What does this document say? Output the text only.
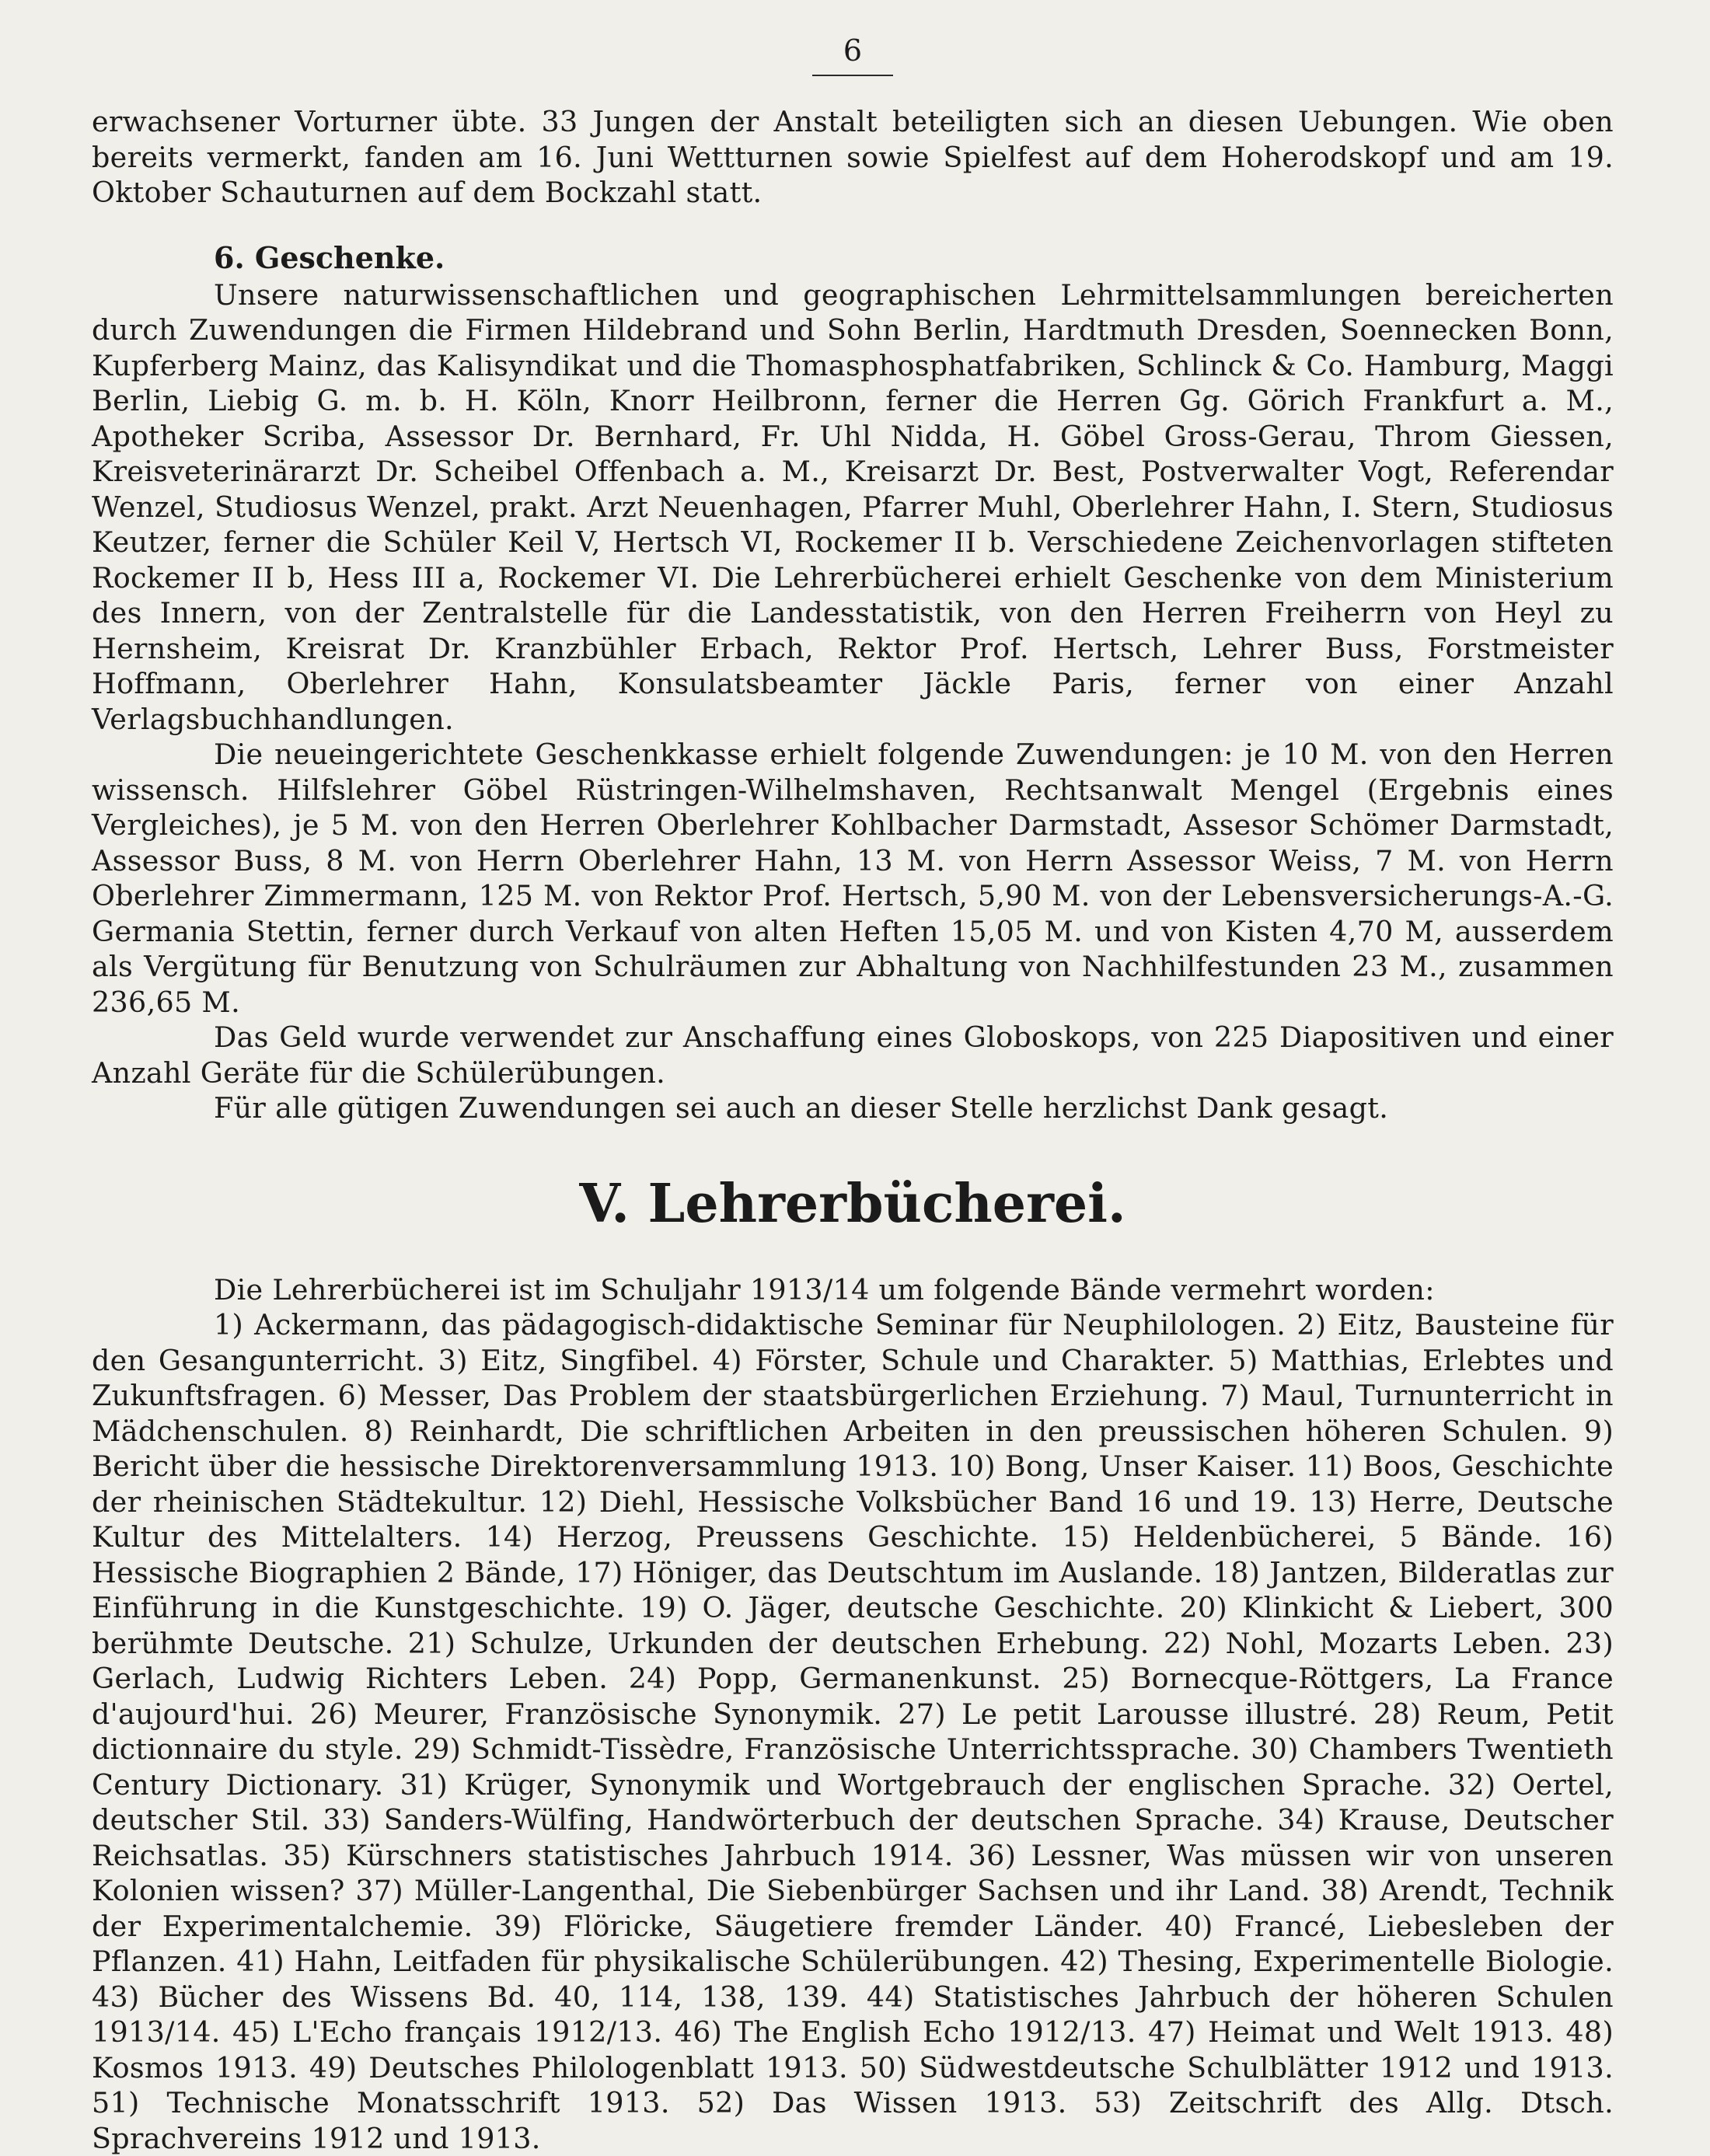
6

erwachsener Vorturner übte. 33 Jungen der Anstalt beteiligten sich an diesen Uebungen. Wie oben bereits vermerkt, fanden am 16. Juni Wettturnen sowie Spielfest auf dem Hoherodskopf und am 19. Oktober Schauturnen auf dem Bockzahl statt.

6. Geschenke.

Unsere naturwissenschaftlichen und geographischen Lehrmittelsammlungen bereicherten durch Zuwendungen die Firmen Hildebrand und Sohn Berlin, Hardtmuth Dresden, Soennecken Bonn, Kupferberg Mainz, das Kalisyndikat und die Thomasphosphatfabriken, Schlinck & Co. Hamburg, Maggi Berlin, Liebig G. m. b. H. Köln, Knorr Heilbronn, ferner die Herren Gg. Görich Frankfurt a. M., Apotheker Scriba, Assessor Dr. Bernhard, Fr. Uhl Nidda, H. Göbel Gross-Gerau, Throm Giessen, Kreisveterinärarzt Dr. Scheibel Offenbach a. M., Kreisarzt Dr. Best, Postverwalter Vogt, Referendar Wenzel, Studiosus Wenzel, prakt. Arzt Neuenhagen, Pfarrer Muhl, Oberlehrer Hahn, I. Stern, Studiosus Keutzer, ferner die Schüler Keil V, Hertsch VI, Rockemer II b. Verschiedene Zeichenvorlagen stifteten Rockemer II b, Hess III a, Rockemer VI. Die Lehrerbücherei erhielt Geschenke von dem Ministerium des Innern, von der Zentralstelle für die Landesstatistik, von den Herren Freiherrn von Heyl zu Hernsheim, Kreisrat Dr. Kranzbühler Erbach, Rektor Prof. Hertsch, Lehrer Buss, Forstmeister Hoffmann, Oberlehrer Hahn, Konsulatsbeamter Jäckle Paris, ferner von einer Anzahl Verlagsbuchhandlungen.

Die neueingerichtete Geschenkkasse erhielt folgende Zuwendungen: je 10 M. von den Herren wissensch. Hilfslehrer Göbel Rüstringen-Wilhelmshaven, Rechtsanwalt Mengel (Ergebnis eines Vergleiches), je 5 M. von den Herren Oberlehrer Kohlbacher Darmstadt, Assesor Schömer Darmstadt, Assessor Buss, 8 M. von Herrn Oberlehrer Hahn, 13 M. von Herrn Assessor Weiss, 7 M. von Herrn Oberlehrer Zimmermann, 125 M. von Rektor Prof. Hertsch, 5,90 M. von der Lebensversicherungs-A.-G. Germania Stettin, ferner durch Verkauf von alten Heften 15,05 M. und von Kisten 4,70 M, ausserdem als Vergütung für Benutzung von Schulräumen zur Abhaltung von Nachhilfestunden 23 M., zusammen 236,65 M.

Das Geld wurde verwendet zur Anschaffung eines Globoskops, von 225 Diapositiven und einer Anzahl Geräte für die Schülerübungen.

Für alle gütigen Zuwendungen sei auch an dieser Stelle herzlichst Dank gesagt.

V. Lehrerbücherei.

Die Lehrerbücherei ist im Schuljahr 1913/14 um folgende Bände vermehrt worden:

1) Ackermann, das pädagogisch-didaktische Seminar für Neuphilologen. 2) Eitz, Bausteine für den Gesangunterricht. 3) Eitz, Singfibel. 4) Förster, Schule und Charakter. 5) Matthias, Erlebtes und Zukunftsfragen. 6) Messer, Das Problem der staatsbürgerlichen Erziehung. 7) Maul, Turnunterricht in Mädchenschulen. 8) Reinhardt, Die schriftlichen Arbeiten in den preussischen höheren Schulen. 9) Bericht über die hessische Direktorenversammlung 1913. 10) Bong, Unser Kaiser. 11) Boos, Geschichte der rheinischen Städtekultur. 12) Diehl, Hessische Volksbücher Band 16 und 19. 13) Herre, Deutsche Kultur des Mittelalters. 14) Herzog, Preussens Geschichte. 15) Heldenbücherei, 5 Bände. 16) Hessische Biographien 2 Bände, 17) Höniger, das Deutschtum im Auslande. 18) Jantzen, Bilderatlas zur Einführung in die Kunstgeschichte. 19) O. Jäger, deutsche Geschichte. 20) Klinkicht & Liebert, 300 berühmte Deutsche. 21) Schulze, Urkunden der deutschen Erhebung. 22) Nohl, Mozarts Leben. 23) Gerlach, Ludwig Richters Leben. 24) Popp, Germanenkunst. 25) Bornecque-Röttgers, La France d'aujourd'hui. 26) Meurer, Französische Synonymik. 27) Le petit Larousse illustré. 28) Reum, Petit dictionnaire du style. 29) Schmidt-Tissèdre, Französische Unterrichtssprache. 30) Chambers Twentieth Century Dictionary. 31) Krüger, Synonymik und Wortgebrauch der englischen Sprache. 32) Oertel, deutscher Stil. 33) Sanders-Wülfing, Handwörterbuch der deutschen Sprache. 34) Krause, Deutscher Reichsatlas. 35) Kürschners statistisches Jahrbuch 1914. 36) Lessner, Was müssen wir von unseren Kolonien wissen? 37) Müller-Langenthal, Die Siebenbürger Sachsen und ihr Land. 38) Arendt, Technik der Experimentalchemie. 39) Flöricke, Säugetiere fremder Länder. 40) Francé, Liebesleben der Pflanzen. 41) Hahn, Leitfaden für physikalische Schülerübungen. 42) Thesing, Experimentelle Biologie. 43) Bücher des Wissens Bd. 40, 114, 138, 139. 44) Statistisches Jahrbuch der höheren Schulen 1913/14. 45) L'Echo français 1912/13. 46) The English Echo 1912/13. 47) Heimat und Welt 1913. 48) Kosmos 1913. 49) Deutsches Philologenblatt 1913. 50) Südwestdeutsche Schulblätter 1912 und 1913. 51) Technische Monatsschrift 1913. 52) Das Wissen 1913. 53) Zeitschrift des Allg. Dtsch. Sprachvereins 1912 und 1913.
